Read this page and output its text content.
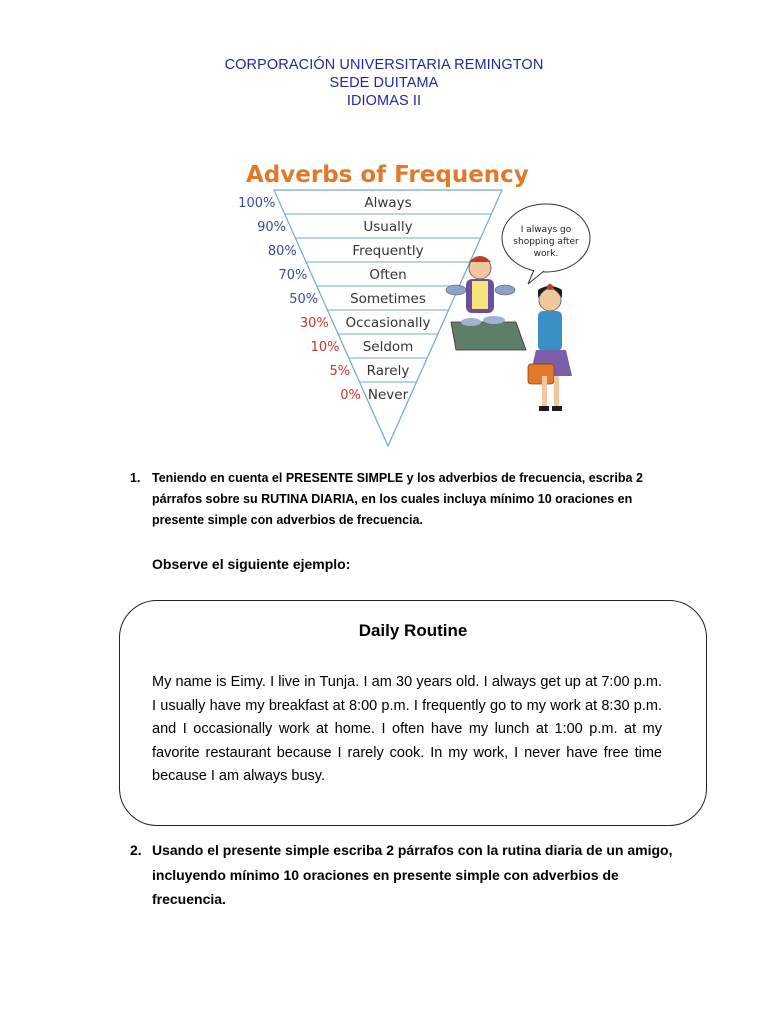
CORPORACIÓN UNIVERSITARIA REMINGTON
SEDE DUITAMA
IDIOMAS II
Adverbs of Frequency
Always
100%
Usually
90%
Frequently
80%
Often
70%
Sometimes
50%
Occasionally
30%
Seldom
10%
Rarely
5%
Never
0%
I always go
shopping after
work.
1. Teniendo en cuenta el PRESENTE SIMPLE y los adverbios de frecuencia, escriba 2 párrafos sobre su RUTINA DIARIA, en los cuales incluya mínimo 10 oraciones en presente simple con adverbios de frecuencia.
Observe el siguiente ejemplo:
Daily Routine
My name is Eimy. I live in Tunja. I am 30 years old. I always get up at 7:00 p.m. I usually have my breakfast at 8:00 p.m. I frequently go to my work at 8:30 p.m. and I occasionally work at home. I often have my lunch at 1:00 p.m. at my favorite restaurant because I rarely cook. In my work, I never have free time because I am always busy.
2. Usando el presente simple escriba 2 párrafos con la rutina diaria de un amigo, incluyendo mínimo 10 oraciones en presente simple con adverbios de frecuencia.
